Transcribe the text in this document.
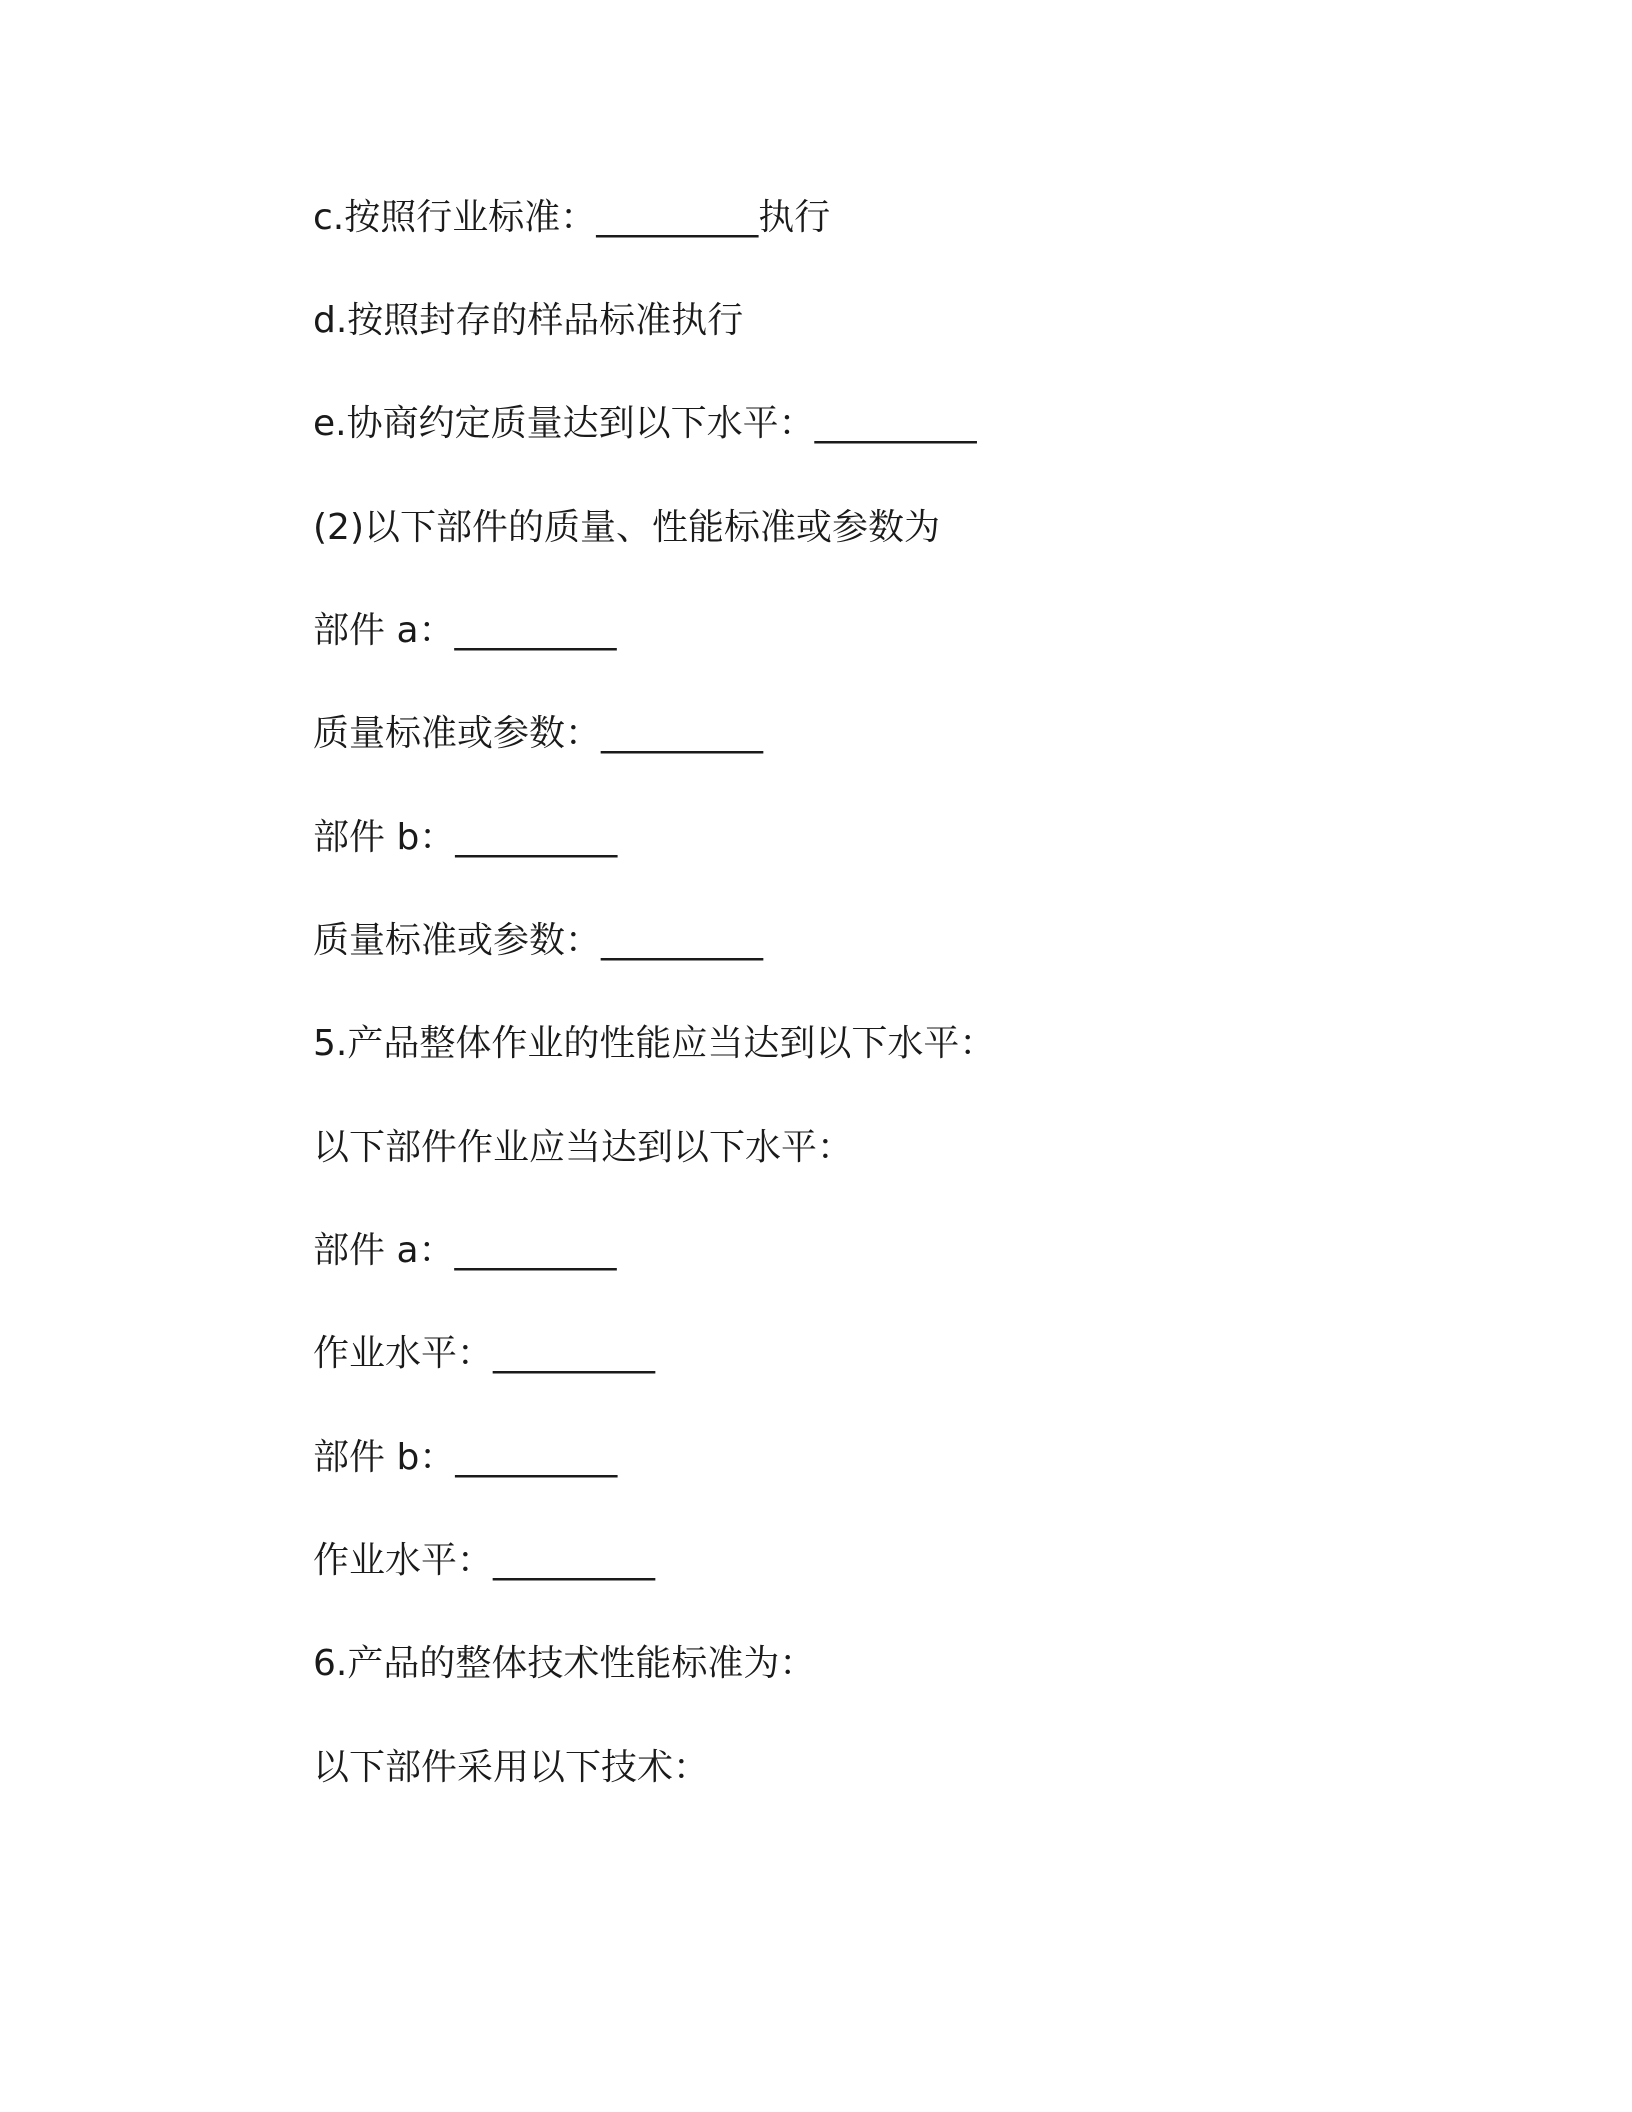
c.按照行业标准：_________执行

d.按照封存的样品标准执行

e.协商约定质量达到以下水平：_________

(2)以下部件的质量、性能标准或参数为

部件 a：_________

质量标准或参数：_________

部件 b：_________

质量标准或参数：_________

5.产品整体作业的性能应当达到以下水平：

以下部件作业应当达到以下水平：

部件 a：_________

作业水平：_________

部件 b：_________

作业水平：_________

6.产品的整体技术性能标准为：

以下部件采用以下技术：
